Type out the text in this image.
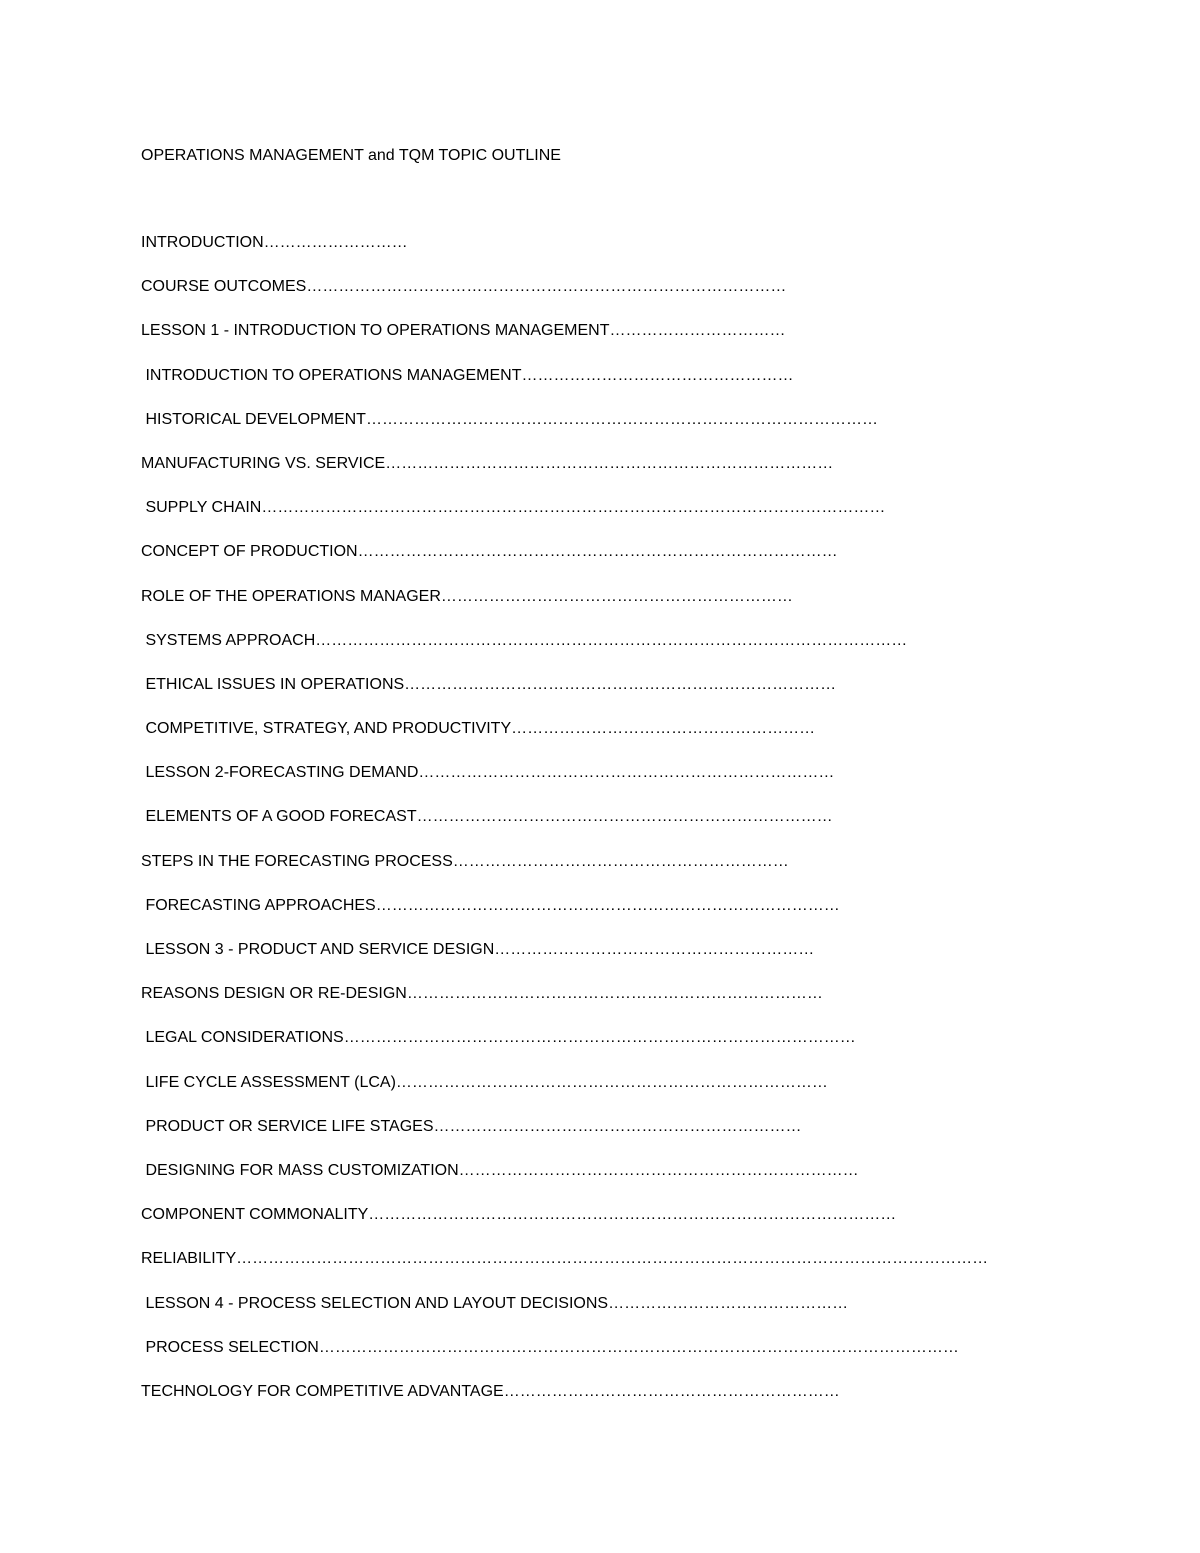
OPERATIONS MANAGEMENT and TQM TOPIC OUTLINE
INTRODUCTION………………………
COURSE OUTCOMES………………………………………………………………………………
LESSON 1 - INTRODUCTION TO OPERATIONS MANAGEMENT……………………………
INTRODUCTION TO OPERATIONS MANAGEMENT……………………………………………
HISTORICAL DEVELOPMENT……………………………………………………………………………………
MANUFACTURING VS. SERVICE…………………………………………………………………………
SUPPLY CHAIN………………………………………………………………………………………………………
CONCEPT OF PRODUCTION………………………………………………………………………………
ROLE OF THE OPERATIONS MANAGER…………………………………………………………
SYSTEMS APPROACH…………………………………………………………………………………………………
ETHICAL ISSUES IN OPERATIONS………………………………………………………………………
COMPETITIVE, STRATEGY, AND PRODUCTIVITY…………………………………………………
LESSON 2-FORECASTING DEMAND……………………………………………………………………
ELEMENTS OF A GOOD FORECAST……………………………………………………………………
STEPS IN THE FORECASTING PROCESS………………………………………………………
FORECASTING APPROACHES……………………………………………………………………………
LESSON 3 - PRODUCT AND SERVICE DESIGN……………………………………………………
REASONS DESIGN OR RE-DESIGN……………………………………………………………………
LEGAL CONSIDERATIONS……………………………………………………………………………………
LIFE CYCLE ASSESSMENT (LCA)………………………………………………………………………
PRODUCT OR SERVICE LIFE STAGES……………………………………………………………
DESIGNING FOR MASS CUSTOMIZATION…………………………………………………………………
COMPONENT COMMONALITY………………………………………………………………………………………
RELIABILITY……………………………………………………………………………………………………………………………
LESSON 4 - PROCESS SELECTION AND LAYOUT DECISIONS………………………………………
PROCESS SELECTION…………………………………………………………………………………………………………
TECHNOLOGY FOR COMPETITIVE ADVANTAGE………………………………………………………
